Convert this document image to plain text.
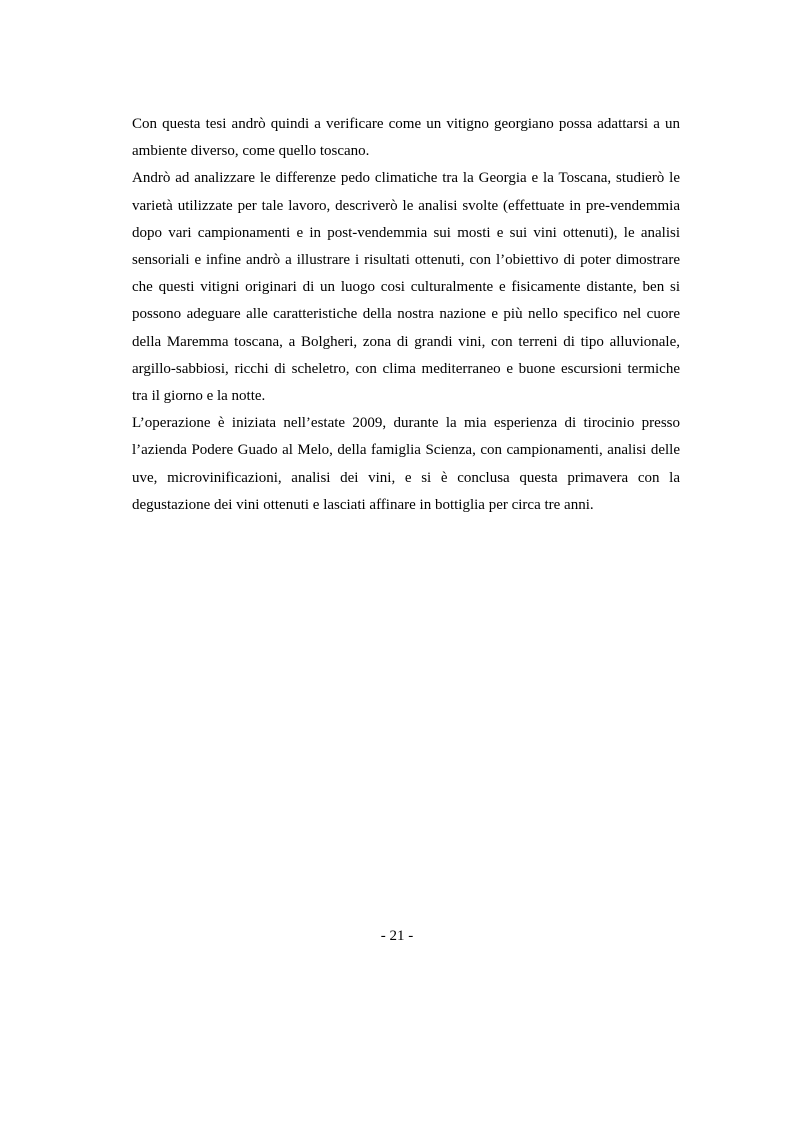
Con questa tesi andrò quindi a verificare come un vitigno georgiano possa adattarsi a un ambiente diverso, come quello toscano.

Andrò ad analizzare le differenze pedo climatiche tra la Georgia e la Toscana, studierò le varietà utilizzate per tale lavoro, descriverò le analisi svolte (effettuate in pre-vendemmia dopo vari campionamenti e in post-vendemmia sui mosti e sui vini ottenuti), le analisi sensoriali e infine andrò a illustrare i risultati ottenuti, con l’obiettivo di poter dimostrare che questi vitigni originari di un luogo cosi culturalmente e fisicamente distante, ben si possono adeguare alle caratteristiche della nostra nazione e più nello specifico nel cuore della Maremma toscana, a Bolgheri, zona di grandi vini, con terreni di tipo alluvionale, argillo-sabbiosi, ricchi di scheletro, con clima mediterraneo e buone escursioni termiche tra il giorno e la notte.

L’operazione è iniziata nell’estate 2009, durante la mia esperienza di tirocinio presso l’azienda Podere Guado al Melo, della famiglia Scienza, con campionamenti, analisi delle uve, microvinificazioni, analisi dei vini, e si è conclusa questa primavera con la degustazione dei vini ottenuti e lasciati affinare in bottiglia per circa tre anni.

- 21 -
